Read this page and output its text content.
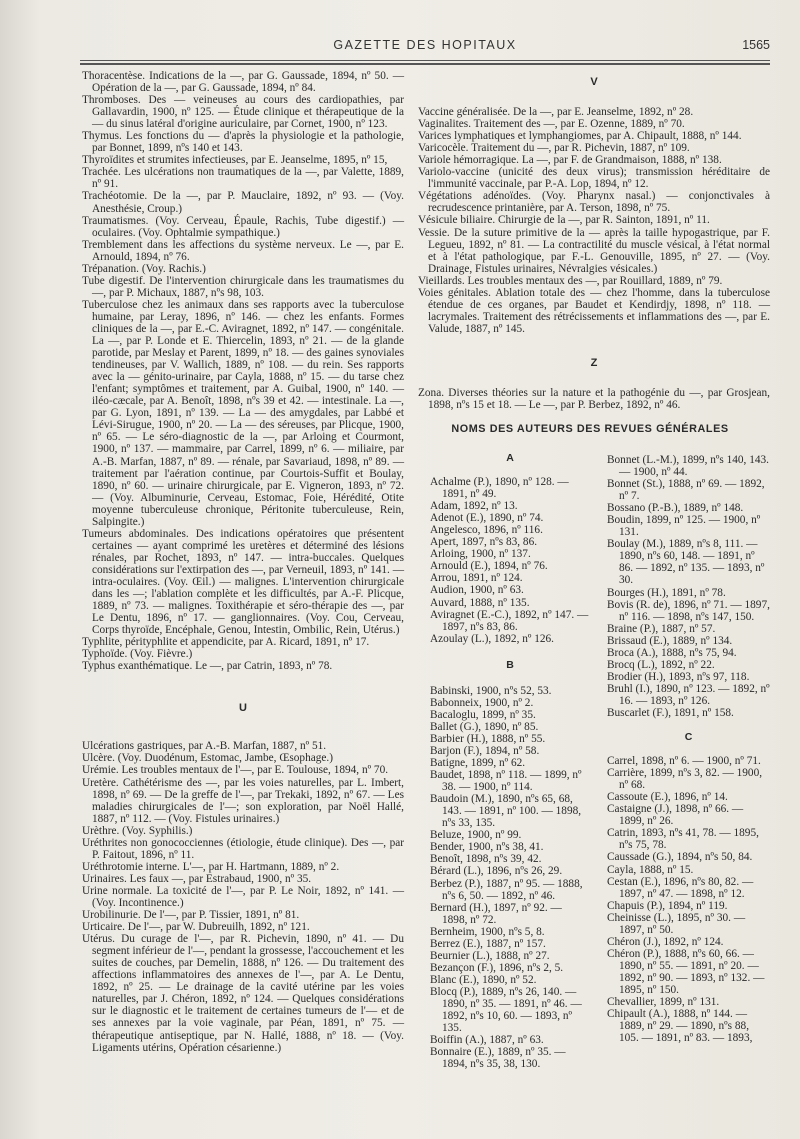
GAZETTE DES HOPITAUX	1565
Thoracentèse. Indications de la —, par G. Gaussade, 1894, nº 50. — Opération de la —, par G. Gaussade, 1894, nº 84.
Thromboses. Des — veineuses au cours des cardiopathies, par Gallavardin, 1900, nº 125. — Étude clinique et thérapeutique de la — du sinus latéral d'origine auriculaire, par Cornet, 1900, nº 123.
Thymus. Les fonctions du — d'après la physiologie et la pathologie, par Bonnet, 1899, nºs 140 et 143.
Thyroïdites et strumites infectieuses, par E. Jeanselme, 1895, nº 15,
Trachée. Les ulcérations non traumatiques de la —, par Valette, 1889, nº 91.
Trachéotomie. De la —, par P. Mauclaire, 1892, nº 93. — (Voy. Anesthésie, Croup.)
Traumatismes. (Voy. Cerveau, Épaule, Rachis, Tube digestif.) — oculaires. (Voy. Ophtalmie sympathique.)
Tremblement dans les affections du système nerveux. Le —, par E. Arnould, 1894, nº 76.
Trépanation. (Voy. Rachis.)
Tube digestif. De l'intervention chirurgicale dans les traumatismes du —, par P. Michaux, 1887, nºs 98, 103.
Tuberculose chez les animaux dans ses rapports avec la tuberculose humaine, par Leray, 1896, nº 146. — chez les enfants. Formes cliniques de la —, par E.-C. Aviragnet, 1892, nº 147. — congénitale. La —, par P. Londe et E. Thiercelin, 1893, nº 21. — de la glande parotide, par Meslay et Parent, 1899, nº 18. — des gaines synoviales tendineuses, par V. Wallich, 1889, nº 108. — du rein. Ses rapports avec la — génito-urinaire, par Cayla, 1888, nº 15. — du tarse chez l'enfant; symptômes et traitement, par A. Guibal, 1900, nº 140. — iléo-cæcale, par A. Benoît, 1898, nºs 39 et 42. — intestinale. La —, par G. Lyon, 1891, nº 139. — La — des amygdales, par Labbé et Lévi-Sirugue, 1900, nº 20. — La — des séreuses, par Plicque, 1900, nº 65. — Le séro-diagnostic de la —, par Arloing et Courmont, 1900, nº 137. — mammaire, par Carrel, 1899, nº 6. — miliaire, par A.-B. Marfan, 1887, nº 89. — rénale, par Savariaud, 1898, nº 89. — traitement par l'aération continue, par Courtois-Suffit et Boulay, 1890, nº 60. — urinaire chirurgicale, par E. Vigneron, 1893, nº 72. — (Voy. Albuminurie, Cerveau, Estomac, Foie, Hérédité, Otite moyenne tuberculeuse chronique, Péritonite tuberculeuse, Rein, Salpingite.)
Tumeurs abdominales. Des indications opératoires que présentent certaines — ayant comprimé les uretères et déterminé des lésions rénales, par Rochet, 1893, nº 147. — intra-buccales. Quelques considérations sur l'extirpation des —, par Verneuil, 1893, nº 141. — intra-oculaires. (Voy. Œil.) — malignes. L'intervention chirurgicale dans les —; l'ablation complète et les difficultés, par A.-F. Plicque, 1889, nº 73. — malignes. Toxithérapie et séro-thérapie des —, par Le Dentu, 1896, nº 17. — ganglionnaires. (Voy. Cou, Cerveau, Corps thyroïde, Encéphale, Genou, Intestin, Ombilic, Rein, Utérus.)
Typhlite, pérityphlite et appendicite, par A. Ricard, 1891, nº 17.
Typhoïde. (Voy. Fièvre.)
Typhus exanthématique. Le —, par Catrin, 1893, nº 78.
U
Ulcérations gastriques, par A.-B. Marfan, 1887, nº 51.
Ulcère. (Voy. Duodénum, Estomac, Jambe, Œsophage.)
Urémie. Les troubles mentaux de l'—, par E. Toulouse, 1894, nº 70.
Uretère. Cathétérisme des —, par les voies naturelles, par L. Imbert, 1898, nº 69. — De la greffe de l'—, par Trekaki, 1892, nº 67. — Les maladies chirurgicales de l'—; son exploration, par Noël Hallé, 1887, nº 112. — (Voy. Fistules urinaires.)
Urèthre. (Voy. Syphilis.)
Uréthrites non gonococciennes (étiologie, étude clinique). Des —, par P. Faitout, 1896, nº 11.
Uréthrotomie interne. L'—, par H. Hartmann, 1889, nº 2.
Urinaires. Les faux —, par Estrabaud, 1900, nº 35.
Urine normale. La toxicité de l'—, par P. Le Noir, 1892, nº 141. — (Voy. Incontinence.)
Urobilinurie. De l'—, par P. Tissier, 1891, nº 81.
Urticaire. De l'—, par W. Dubreuilh, 1892, nº 121.
Utérus. Du curage de l'—, par R. Pichevin, 1890, nº 41. — Du segment inférieur de l'—, pendant la grossesse, l'accouchement et les suites de couches, par Demelin, 1888, nº 126. — Du traitement des affections inflammatoires des annexes de l'—, par A. Le Dentu, 1892, nº 25. — Le drainage de la cavité utérine par les voies naturelles, par J. Chéron, 1892, nº 124. — Quelques considérations sur le diagnostic et le traitement de certaines tumeurs de l'— et de ses annexes par la voie vaginale, par Péan, 1891, nº 75. — thérapeutique antiseptique, par N. Hallé, 1888, nº 18. — (Voy. Ligaments utérins, Opération césarienne.)
V
Vaccine généralisée. De la —, par E. Jeanselme, 1892, nº 28.
Vaginalites. Traitement des —, par E. Ozenne, 1889, nº 70.
Varices lymphatiques et lymphangiomes, par A. Chipault, 1888, nº 144.
Varicocèle. Traitement du —, par R. Pichevin, 1887, nº 109.
Variole hémorragique. La —, par F. de Grandmaison, 1888, nº 138.
Variolo-vaccine (unicité des deux virus); transmission héréditaire de l'immunité vaccinale, par P.-A. Lop, 1894, nº 12.
Végétations adénoïdes. (Voy. Pharynx nasal.) — conjonctivales à recrudescence printanière, par A. Terson, 1898, nº 75.
Vésicule biliaire. Chirurgie de la —, par R. Sainton, 1891, nº 11.
Vessie. De la suture primitive de la — après la taille hypogastrique, par F. Legueu, 1892, nº 81. — La contractilité du muscle vésical, à l'état normal et à l'état pathologique, par F.-L. Genouville, 1895, nº 27. — (Voy. Drainage, Fistules urinaires, Névralgies vésicales.)
Vieillards. Les troubles mentaux des —, par Rouillard, 1889, nº 79.
Voies génitales. Ablation totale des — chez l'homme, dans la tuberculose étendue de ces organes, par Baudet et Kendirdjy, 1898, nº 118. — lacrymales. Traitement des rétrécissements et inflammations des —, par E. Valude, 1887, nº 145.
Z
Zona. Diverses théories sur la nature et la pathogénie du —, par Grosjean, 1898, nºs 15 et 18. — Le —, par P. Berbez, 1892, nº 46.
NOMS DES AUTEURS DES REVUES GÉNÉRALES
A
Achalme (P.), 1890, nº 128. — 1891, nº 49.
Adam, 1892, nº 13.
Adenot (E.), 1890, nº 74.
Angelesco, 1896, nº 116.
Apert, 1897, nºs 83, 86.
Arloing, 1900, nº 137.
Arnould (E.), 1894, nº 76.
Arrou, 1891, nº 124.
Audion, 1900, nº 63.
Auvard, 1888, nº 135.
Aviragnet (E.-C.), 1892, nº 147. — 1897, nºs 83, 86.
Azoulay (L.), 1892, nº 126.
B
Babinski, 1900, nºs 52, 53.
Babonneix, 1900, nº 2.
Bacaloglu, 1899, nº 35.
Ballet (G.), 1890, nº 85.
Barbier (H.), 1888, nº 55.
Barjon (F.), 1894, nº 58.
Batigne, 1899, nº 62.
Baudet, 1898, nº 118. — 1899, nº 38. — 1900, nº 114.
Baudoin (M.), 1890, nºs 65, 68, 143. — 1891, nº 100. — 1898, nºs 33, 135.
Beluze, 1900, nº 99.
Bender, 1900, nºs 38, 41.
Benoît, 1898, nºs 39, 42.
Bérard (L.), 1896, nºs 26, 29.
Berbez (P.), 1887, nº 95. — 1888, nºs 6, 50. — 1892, nº 46.
Bernard (H.), 1897, nº 92. — 1898, nº 72.
Bernheim, 1900, nºs 5, 8.
Berrez (E.), 1887, nº 157.
Beurnier (L.), 1888, nº 27.
Bezançon (F.), 1896, nºs 2, 5.
Blanc (E.), 1890, nº 52.
Blocq (P.), 1889, nºs 26, 140. — 1890, nº 35. — 1891, nº 46. — 1892, nºs 10, 60. — 1893, nº 135.
Boiffin (A.), 1887, nº 63.
Bonnaire (E.), 1889, nº 35. — 1894, nºs 35, 38, 130.
Bonnet (L.-M.), 1899, nºs 140, 143. — 1900, nº 44.
Bonnet (St.), 1888, nº 69. — 1892, nº 7.
Bossano (P.-B.), 1889, nº 148.
Boudin, 1899, nº 125. — 1900, nº 131.
Boulay (M.), 1889, nºs 8, 111. — 1890, nºs 60, 148. — 1891, nº 86. — 1892, nº 135. — 1893, nº 30.
Bourges (H.), 1891, nº 78.
Bovis (R. de), 1896, nº 71. — 1897, nº 116. — 1898, nºs 147, 150.
Braine (P.), 1887, nº 57.
Brissaud (E.), 1889, nº 134.
Broca (A.), 1888, nºs 75, 94.
Brocq (L.), 1892, nº 22.
Brodier (H.), 1893, nºs 97, 118.
Bruhl (I.), 1890, nº 123. — 1892, nº 16. — 1893, nº 126.
Buscarlet (F.), 1891, nº 158.
C
Carrel, 1898, nº 6. — 1900, nº 71.
Carrière, 1899, nºs 3, 82. — 1900, nº 68.
Cassoute (E.), 1896, nº 14.
Castaigne (J.), 1898, nº 66. — 1899, nº 26.
Catrin, 1893, nºs 41, 78. — 1895, nºs 75, 78.
Caussade (G.), 1894, nºs 50, 84.
Cayla, 1888, nº 15.
Cestan (E.), 1896, nºs 80, 82. — 1897, nº 47. — 1898, nº 12.
Chapuis (P.), 1894, nº 119.
Cheinisse (L.), 1895, nº 30. — 1897, nº 50.
Chéron (J.), 1892, nº 124.
Chéron (P.), 1888, nºs 60, 66. — 1890, nº 55. — 1891, nº 20. — 1892, nº 90. — 1893, nº 132. — 1895, nº 150.
Chevallier, 1899, nº 131.
Chipault (A.), 1888, nº 144. — 1889, nº 29. — 1890, nºs 88, 105. — 1891, nº 83. — 1893,
